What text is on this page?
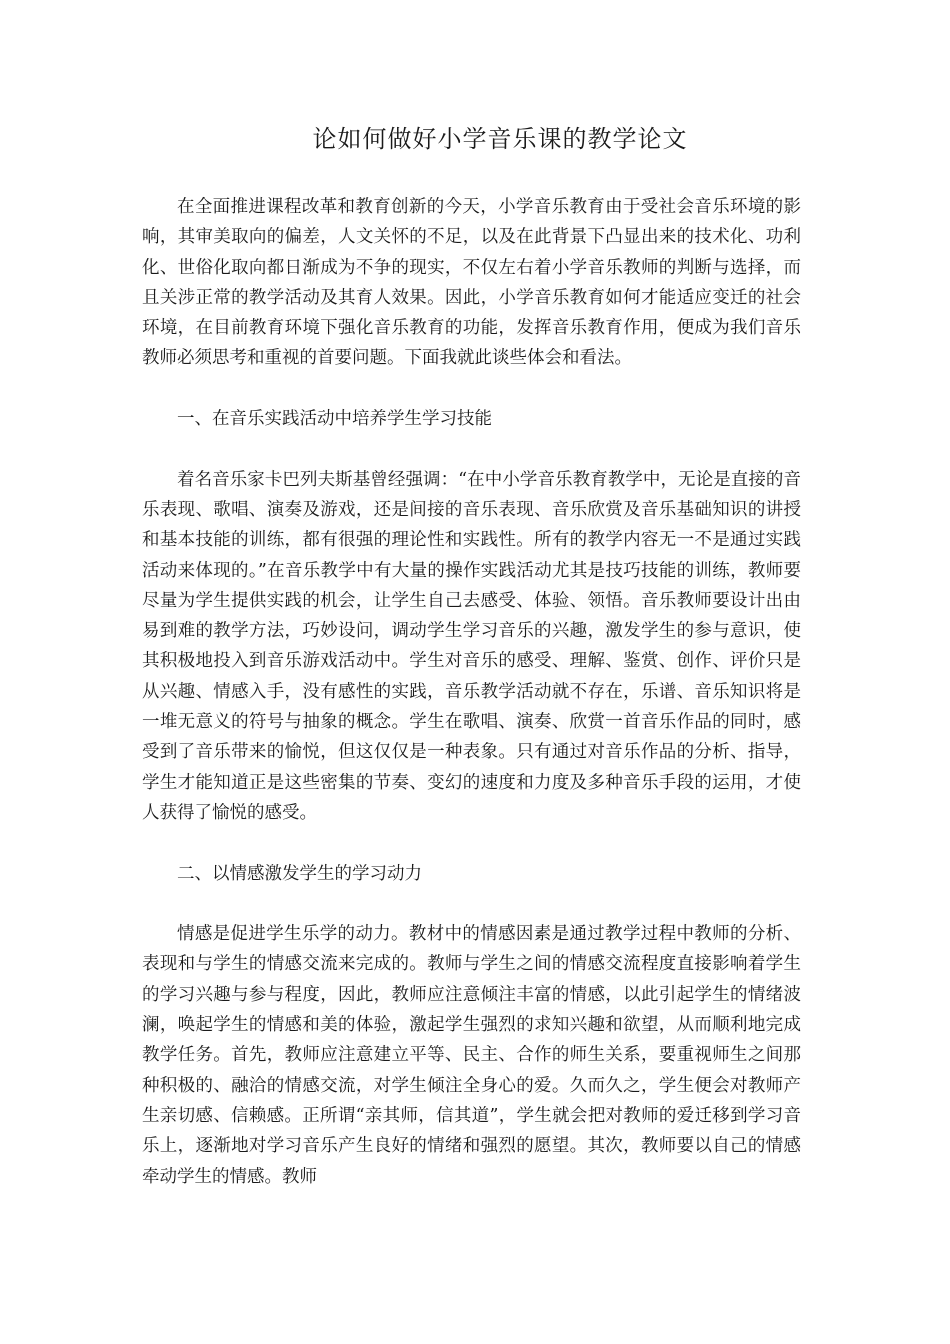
论如何做好小学音乐课的教学论文

在全面推进课程改革和教育创新的今天，小学音乐教育由于受社会音乐环境的影响，其审美取向的偏差，人文关怀的不足，以及在此背景下凸显出来的技术化、功利化、世俗化取向都日渐成为不争的现实，不仅左右着小学音乐教师的判断与选择，而且关涉正常的教学活动及其育人效果。因此，小学音乐教育如何才能适应变迁的社会环境，在目前教育环境下强化音乐教育的功能，发挥音乐教育作用，便成为我们音乐教师必须思考和重视的首要问题。下面我就此谈些体会和看法。

一、在音乐实践活动中培养学生学习技能

着名音乐家卡巴列夫斯基曾经强调：“在中小学音乐教育教学中，无论是直接的音乐表现、歌唱、演奏及游戏，还是间接的音乐表现、音乐欣赏及音乐基础知识的讲授和基本技能的训练，都有很强的理论性和实践性。所有的教学内容无一不是通过实践活动来体现的。”在音乐教学中有大量的操作实践活动尤其是技巧技能的训练，教师要尽量为学生提供实践的机会，让学生自己去感受、体验、领悟。音乐教师要设计出由易到难的教学方法，巧妙设问，调动学生学习音乐的兴趣，激发学生的参与意识，使其积极地投入到音乐游戏活动中。学生对音乐的感受、理解、鉴赏、创作、评价只是从兴趣、情感入手，没有感性的实践，音乐教学活动就不存在，乐谱、音乐知识将是一堆无意义的符号与抽象的概念。学生在歌唱、演奏、欣赏一首音乐作品的同时，感受到了音乐带来的愉悦，但这仅仅是一种表象。只有通过对音乐作品的分析、指导，学生才能知道正是这些密集的节奏、变幻的速度和力度及多种音乐手段的运用，才使人获得了愉悦的感受。

二、以情感激发学生的学习动力

情感是促进学生乐学的动力。教材中的情感因素是通过教学过程中教师的分析、表现和与学生的情感交流来完成的。教师与学生之间的情感交流程度直接影响着学生的学习兴趣与参与程度，因此，教师应注意倾注丰富的情感，以此引起学生的情绪波澜，唤起学生的情感和美的体验，激起学生强烈的求知兴趣和欲望，从而顺利地完成教学任务。首先，教师应注意建立平等、民主、合作的师生关系，要重视师生之间那种积极的、融洽的情感交流，对学生倾注全身心的爱。久而久之，学生便会对教师产生亲切感、信赖感。正所谓“亲其师，信其道”，学生就会把对教师的爱迁移到学习音乐上，逐渐地对学习音乐产生良好的情绪和强烈的愿望。其次，教师要以自己的情感牵动学生的情感。教师
